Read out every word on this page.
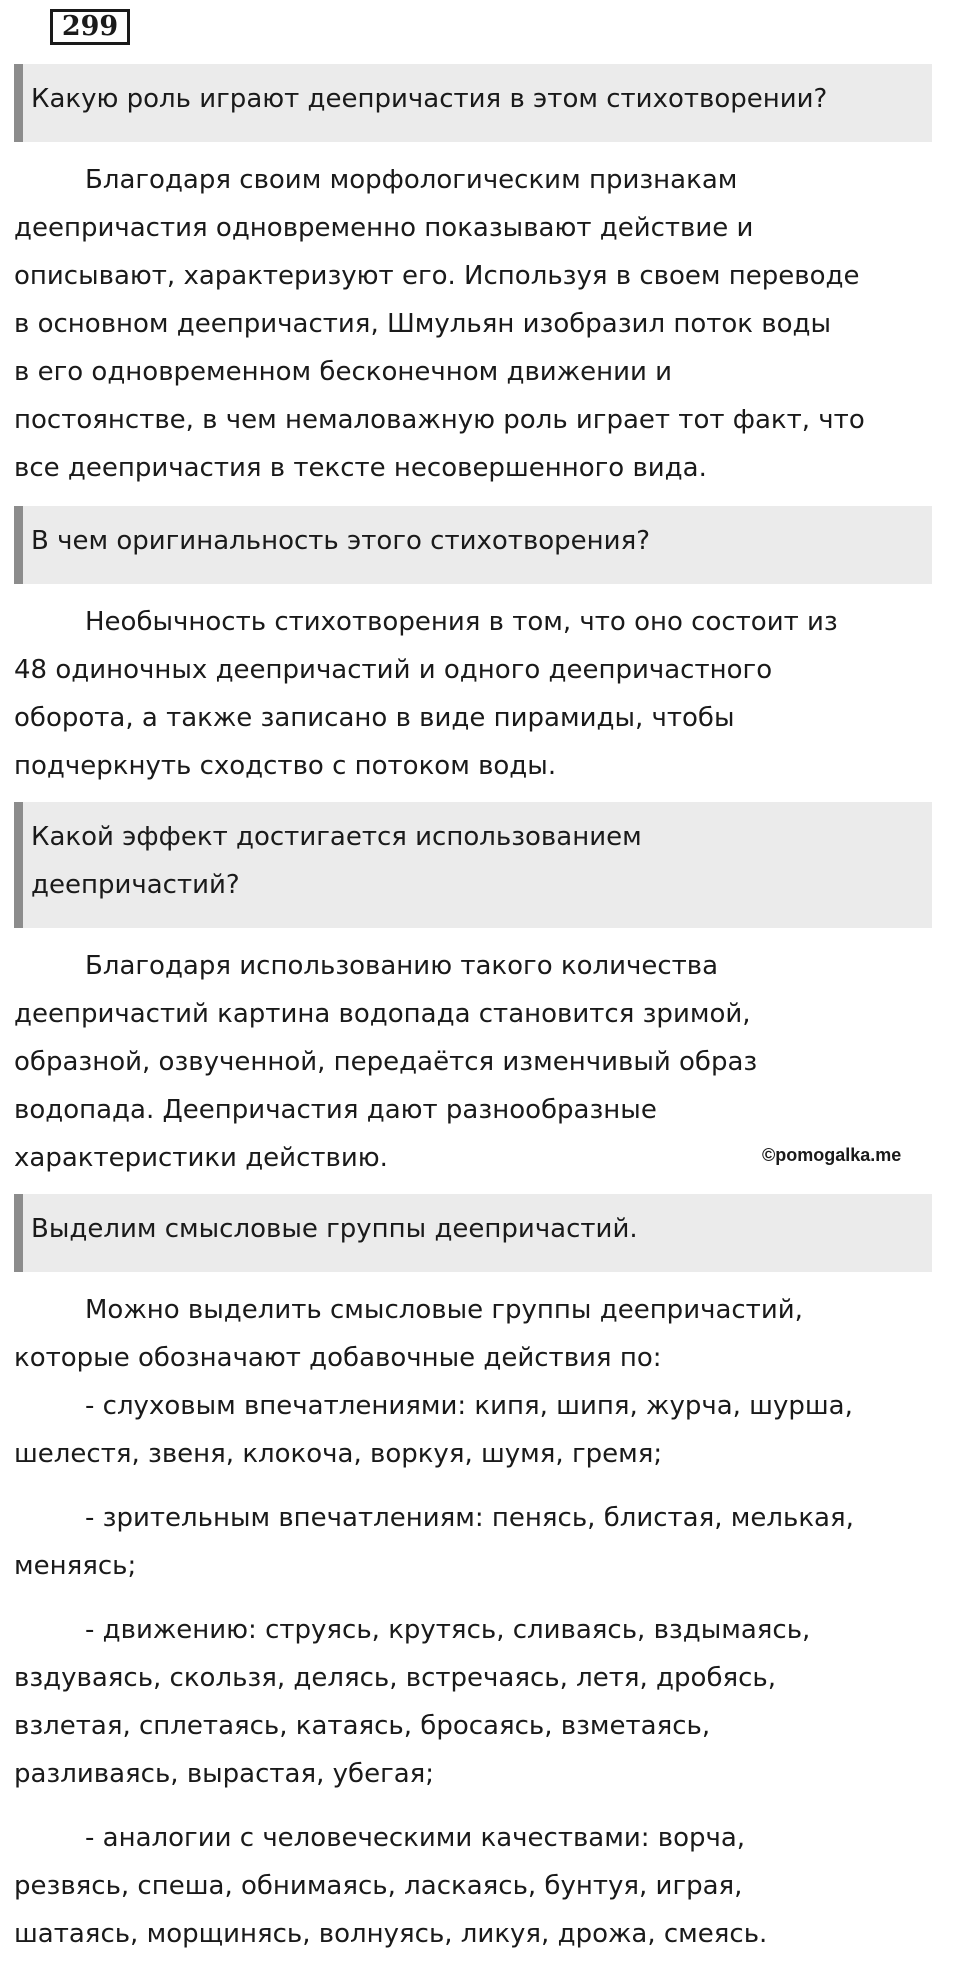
299
Какую роль играют деепричастия в этом стихотворении?
Благодаря своим морфологическим признакам
деепричастия одновременно показывают действие и
описывают, характеризуют его. Используя в своем переводе
в основном деепричастия, Шмульян изобразил поток воды
в его одновременном бесконечном движении и
постоянстве, в чем немаловажную роль играет тот факт, что
все деепричастия в тексте несовершенного вида.
В чем оригинальность этого стихотворения?
Необычность стихотворения в том, что оно состоит из
48 одиночных деепричастий и одного деепричастного
оборота, а также записано в виде пирамиды, чтобы
подчеркнуть сходство с потоком воды.
Какой эффект достигается использованием
деепричастий?
Благодаря использованию такого количества
деепричастий картина водопада становится зримой,
образной, озвученной, передаётся изменчивый образ
водопада. Деепричастия дают разнообразные
характеристики действию.	©pomogalka.me
Выделим смысловые группы деепричастий.
Можно выделить смысловые группы деепричастий,
которые обозначают добавочные действия по:
- слуховым впечатлениями: кипя, шипя, журча, шурша,
шелестя, звеня, клокоча, воркуя, шумя, гремя;
- зрительным впечатлениям: пенясь, блистая, мелькая,
меняясь;
- движению: струясь, крутясь, сливаясь, вздымаясь,
вздуваясь, скользя, делясь, встречаясь, летя, дробясь,
взлетая, сплетаясь, катаясь, бросаясь, взметаясь,
разливаясь, вырастая, убегая;
- аналогии с человеческими качествами: ворча,
резвясь, спеша, обнимаясь, ласкаясь, бунтуя, играя,
шатаясь, морщинясь, волнуясь, ликуя, дрожа, смеясь.
